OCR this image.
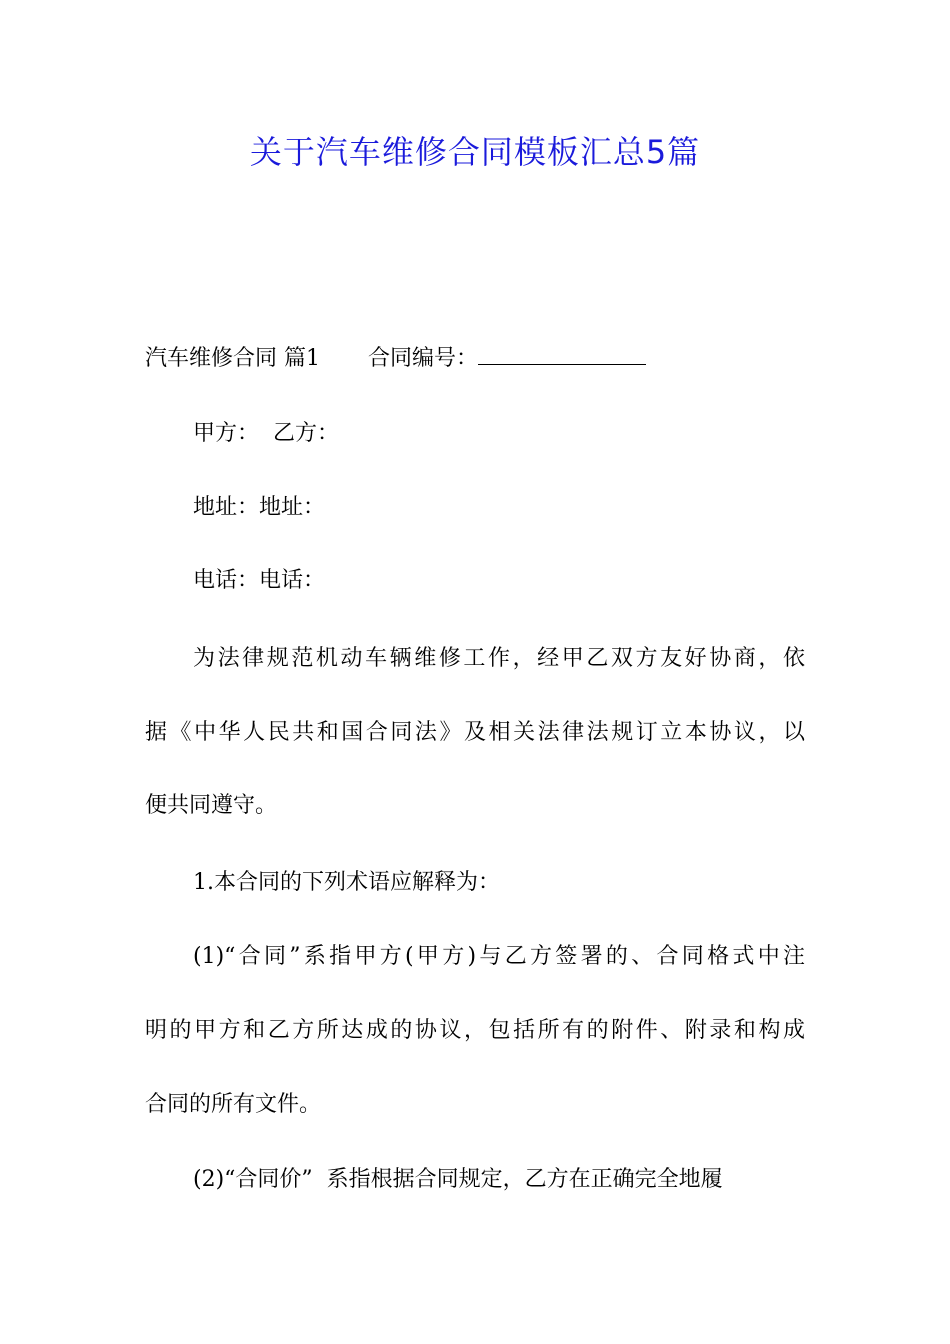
关于汽车维修合同模板汇总5篇
汽车维修合同 篇1 合同编号：
甲方： 乙方：
地址：地址：
电话：电话：
为法律规范机动车辆维修工作，经甲乙双方友好协商，依
据《中华人民共和国合同法》及相关法律法规订立本协议，以
便共同遵守。
1.本合同的下列术语应解释为：
(1)“合同”系指甲方(甲方)与乙方签署的、合同格式中注
明的甲方和乙方所达成的协议，包括所有的附件、附录和构成
合同的所有文件。
(2)“合同价” 系指根据合同规定，乙方在正确完全地履
